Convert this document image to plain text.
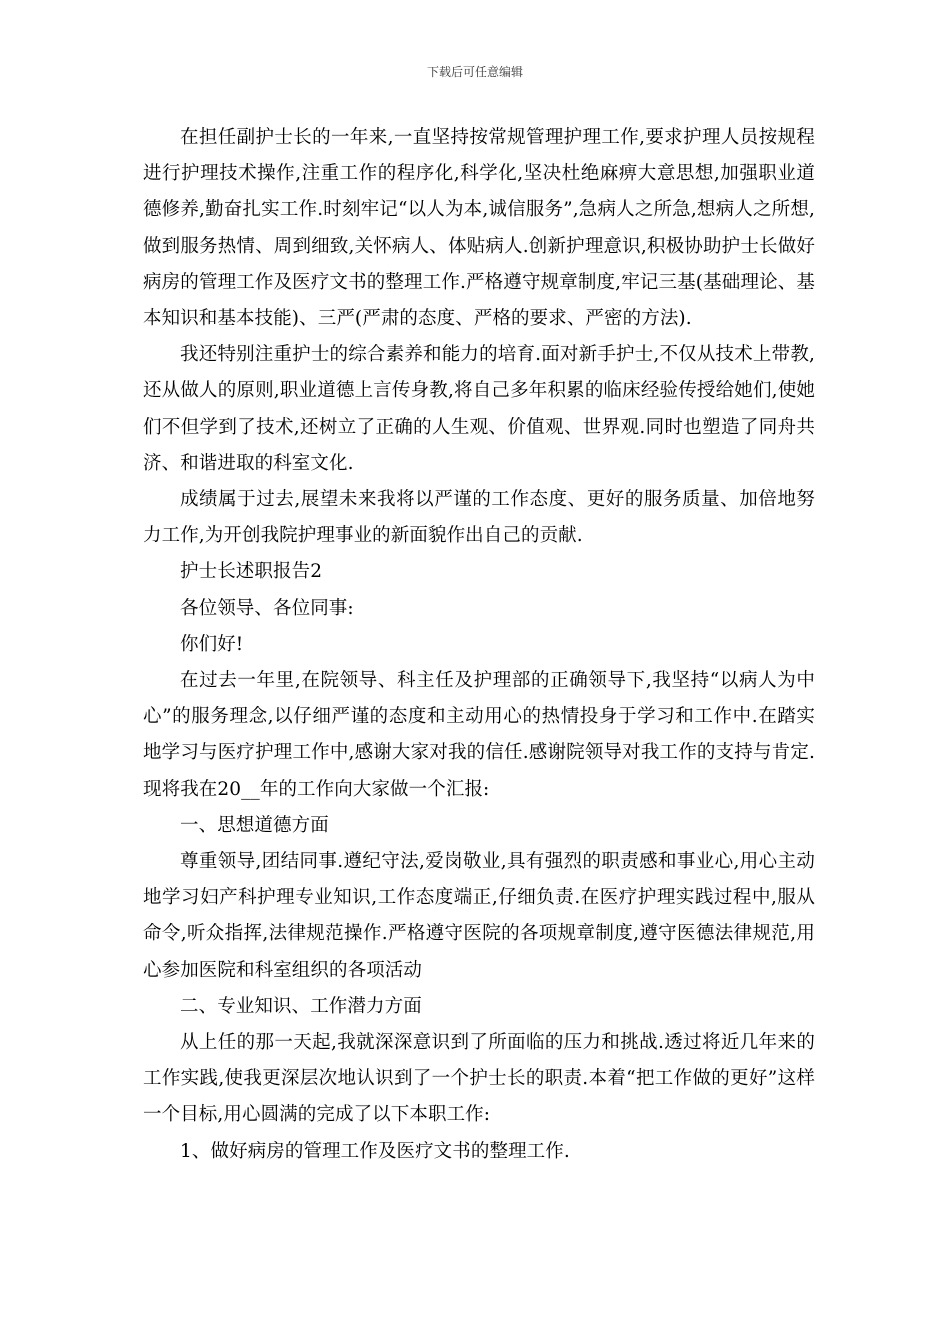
下载后可任意编辑

在担任副护士长的一年来,一直坚持按常规管理护理工作,要求护理人员按规程进行护理技术操作,注重工作的程序化,科学化,坚决杜绝麻痹大意思想,加强职业道德修养,勤奋扎实工作.时刻牢记“以人为本,诚信服务”,急病人之所急,想病人之所想,做到服务热情、周到细致,关怀病人、体贴病人.创新护理意识,积极协助护士长做好病房的管理工作及医疗文书的整理工作.严格遵守规章制度,牢记三基(基础理论、基本知识和基本技能)、三严(严肃的态度、严格的要求、严密的方法).

我还特别注重护士的综合素养和能力的培育.面对新手护士,不仅从技术上带教,还从做人的原则,职业道德上言传身教,将自己多年积累的临床经验传授给她们,使她们不但学到了技术,还树立了正确的人生观、价值观、世界观.同时也塑造了同舟共济、和谐进取的科室文化.

成绩属于过去,展望未来我将以严谨的工作态度、更好的服务质量、加倍地努力工作,为开创我院护理事业的新面貌作出自己的贡献.

护士长述职报告2

各位领导、各位同事:

你们好!

在过去一年里,在院领导、科主任及护理部的正确领导下,我坚持“以病人为中心”的服务理念,以仔细严谨的态度和主动用心的热情投身于学习和工作中.在踏实地学习与医疗护理工作中,感谢大家对我的信任.感谢院领导对我工作的支持与肯定.现将我在20__年的工作向大家做一个汇报:

一、思想道德方面

尊重领导,团结同事.遵纪守法,爱岗敬业,具有强烈的职责感和事业心,用心主动地学习妇产科护理专业知识,工作态度端正,仔细负责.在医疗护理实践过程中,服从命令,听众指挥,法律规范操作.严格遵守医院的各项规章制度,遵守医德法律规范,用心参加医院和科室组织的各项活动

二、专业知识、工作潜力方面

从上任的那一天起,我就深深意识到了所面临的压力和挑战.透过将近几年来的工作实践,使我更深层次地认识到了一个护士长的职责.本着“把工作做的更好”这样一个目标,用心圆满的完成了以下本职工作:

1、做好病房的管理工作及医疗文书的整理工作.
